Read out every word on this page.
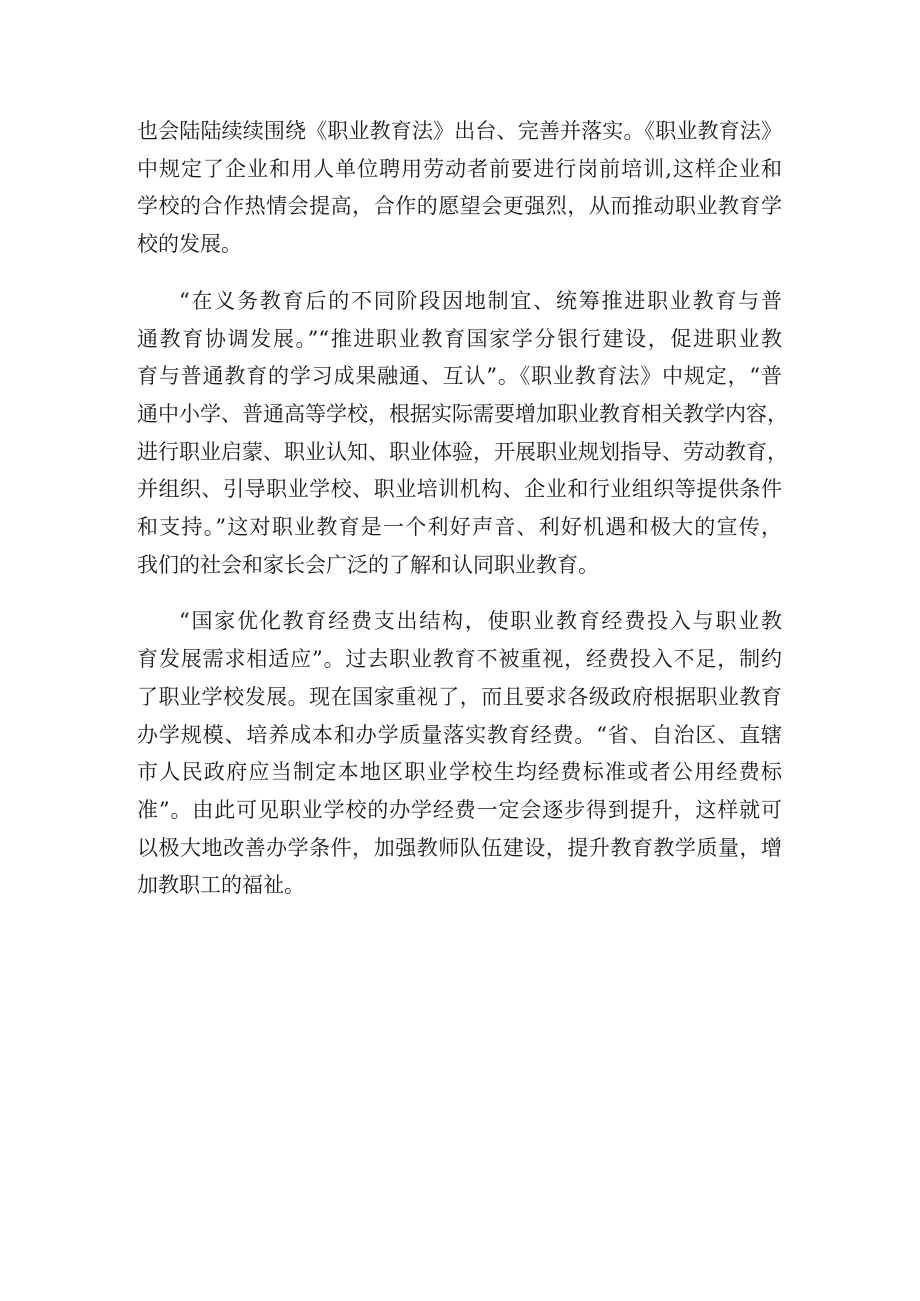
也会陆陆续续围绕《职业教育法》出台、完善并落实。《职业教育法》
中规定了企业和用人单位聘用劳动者前要进行岗前培训,这样企业和
学校的合作热情会提高，合作的愿望会更强烈，从而推动职业教育学
校的发展。
“在义务教育后的不同阶段因地制宜、统筹推进职业教育与普
通教育协调发展。”“推进职业教育国家学分银行建设，促进职业教
育与普通教育的学习成果融通、互认”。《职业教育法》中规定，“普
通中小学、普通高等学校，根据实际需要增加职业教育相关教学内容，
进行职业启蒙、职业认知、职业体验，开展职业规划指导、劳动教育，
并组织、引导职业学校、职业培训机构、企业和行业组织等提供条件
和支持。”这对职业教育是一个利好声音、利好机遇和极大的宣传，
我们的社会和家长会广泛的了解和认同职业教育。
“国家优化教育经费支出结构，使职业教育经费投入与职业教
育发展需求相适应”。过去职业教育不被重视，经费投入不足，制约
了职业学校发展。现在国家重视了，而且要求各级政府根据职业教育
办学规模、培养成本和办学质量落实教育经费。“省、自治区、直辖
市人民政府应当制定本地区职业学校生均经费标准或者公用经费标
准”。由此可见职业学校的办学经费一定会逐步得到提升，这样就可
以极大地改善办学条件，加强教师队伍建设，提升教育教学质量，增
加教职工的福祉。
